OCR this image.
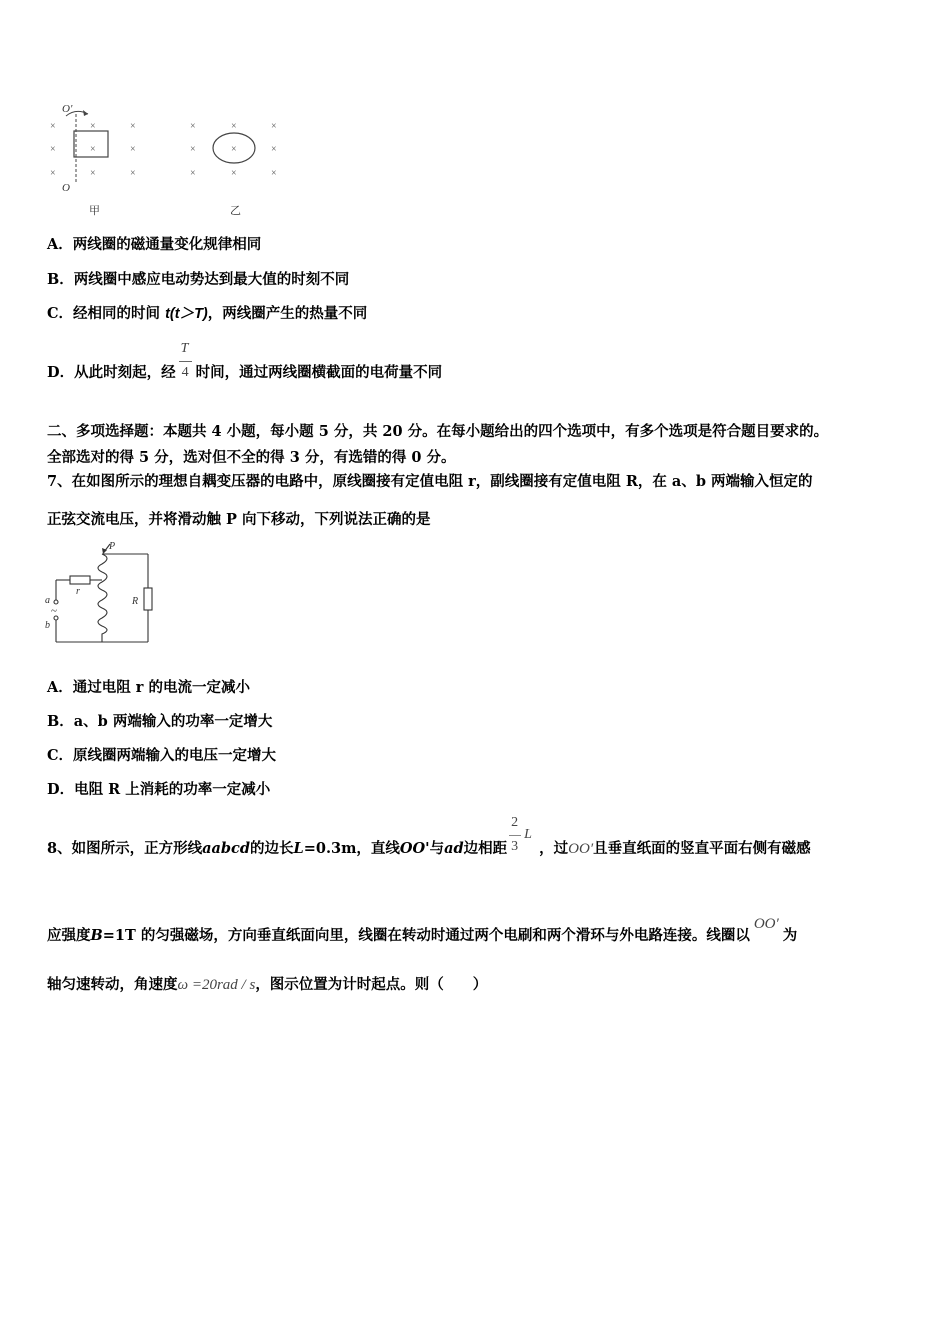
×	×	×
×	×	×
×	×	×
O'
O
甲
×	×	×
×	×	×
×	×	×
乙
A．两线圈的磁通量变化规律相同
B．两线圈中感应电动势达到最大值的时刻不同
C．经相同的时间 t(t＞T)，两线圈产生的热量不同
D．从此时刻起，经 $\frac{T}{4}$ 时间，通过两线圈横截面的电荷量不同
二、多项选择题：本题共 4 小题，每小题 5 分，共 20 分。在每小题给出的四个选项中，有多个选项是符合题目要求的。
全部选对的得 5 分，选对但不全的得 3 分，有选错的得 0 分。
7、在如图所示的理想自耦变压器的电路中，原线圈接有定值电阻 r，副线圈接有定值电阻 R，在 a、b 两端输入恒定的
正弦交流电压，并将滑动触 P 向下移动，下列说法正确的是
P
r
R
a
b
~
A．通过电阻 r 的电流一定减小
B．a、b 两端输入的功率一定增大
C．原线圈两端输入的电压一定增大
D．电阻 R 上消耗的功率一定减小
8、如图所示，正方形线aabcd的边长L=0.3m，直线OO'与ad边相距
2
3
L
，过OO′且垂直纸面的竖直平面右侧有磁感
应强度B=1T 的匀强磁场，方向垂直纸面向里，线圈在转动时通过两个电刷和两个滑环与外电路连接。线圈以OO′为
轴匀速转动，角速度ω =20rad / s，图示位置为计时起点。则（　　）
